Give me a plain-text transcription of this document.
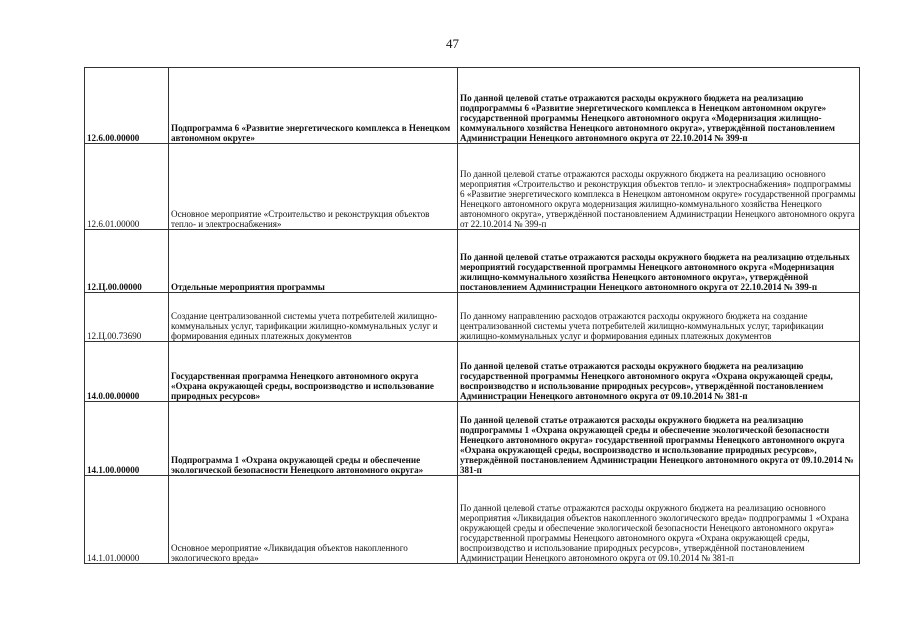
47
12.6.00.00000	Подпрограмма 6 «Развитие энергетического комплекса в Ненецком автономном округе»	По данной целевой статье отражаются расходы окружного бюджета на реализацию подпрограммы 6 «Развитие энергетического комплекса в Ненецком автономном округе» государственной программы Ненецкого автономного округа «Модернизация жилищно-коммунального хозяйства Ненецкого автономного округа», утверждённой постановлением Администрации Ненецкого автономного округа от 22.10.2014 № 399-п
12.6.01.00000	Основное мероприятие «Строительство и реконструкция объектов тепло- и электроснабжения»	По данной целевой статье отражаются расходы окружного бюджета на реализацию основного мероприятия «Строительство и реконструкция объектов тепло- и электроснабжения» подпрограммы 6 «Развитие энергетического комплекса в Ненецком автономном округе» государственной программы Ненецкого автономного округа модернизация жилищно-коммунального хозяйства Ненецкого автономного округа», утверждённой постановлением Администрации Ненецкого автономного округа от 22.10.2014 № 399-п
12.Ц.00.00000	Отдельные мероприятия программы	По данной целевой статье отражаются расходы окружного бюджета на реализацию отдельных мероприятий государственной программы Ненецкого автономного округа «Модернизация жилищно-коммунального хозяйства Ненецкого автономного округа», утверждённой постановлением Администрации Ненецкого автономного округа от 22.10.2014 № 399-п
12.Ц.00.73690	Создание централизованной системы учета потребителей жилищно-коммунальных услуг, тарификации жилищно-коммунальных услуг и формирования единых платежных документов	По данному направлению расходов отражаются расходы окружного бюджета на создание централизованной системы учета потребителей жилищно-коммунальных услуг, тарификации жилищно-коммунальных услуг и формирования единых платежных документов
14.0.00.00000	Государственная программа Ненецкого автономного округа «Охрана окружающей среды, воспроизводство и использование природных ресурсов»	По данной целевой статье отражаются расходы окружного бюджета на реализацию государственной программы Ненецкого автономного округа «Охрана окружающей среды, воспроизводство и использование природных ресурсов», утверждённой постановлением Администрации Ненецкого автономного округа от 09.10.2014 № 381-п
14.1.00.00000	Подпрограмма 1 «Охрана окружающей среды и обеспечение экологической безопасности Ненецкого автономного округа»	По данной целевой статье отражаются расходы окружного бюджета на реализацию подпрограммы 1 «Охрана окружающей среды и обеспечение экологической безопасности Ненецкого автономного округа» государственной программы Ненецкого автономного округа «Охрана окружающей среды, воспроизводство и использование природных ресурсов», утверждённой постановлением Администрации Ненецкого автономного округа от 09.10.2014 № 381-п
14.1.01.00000	Основное мероприятие «Ликвидация объектов накопленного экологического вреда»	По данной целевой статье отражаются расходы окружного бюджета на реализацию основного мероприятия «Ликвидация объектов накопленного экологического вреда» подпрограммы 1 «Охрана окружающей среды и обеспечение экологической безопасности Ненецкого автономного округа» государственной программы Ненецкого автономного округа «Охрана окружающей среды, воспроизводство и использование природных ресурсов», утверждённой постановлением Администрации Ненецкого автономного округа от 09.10.2014 № 381-п
